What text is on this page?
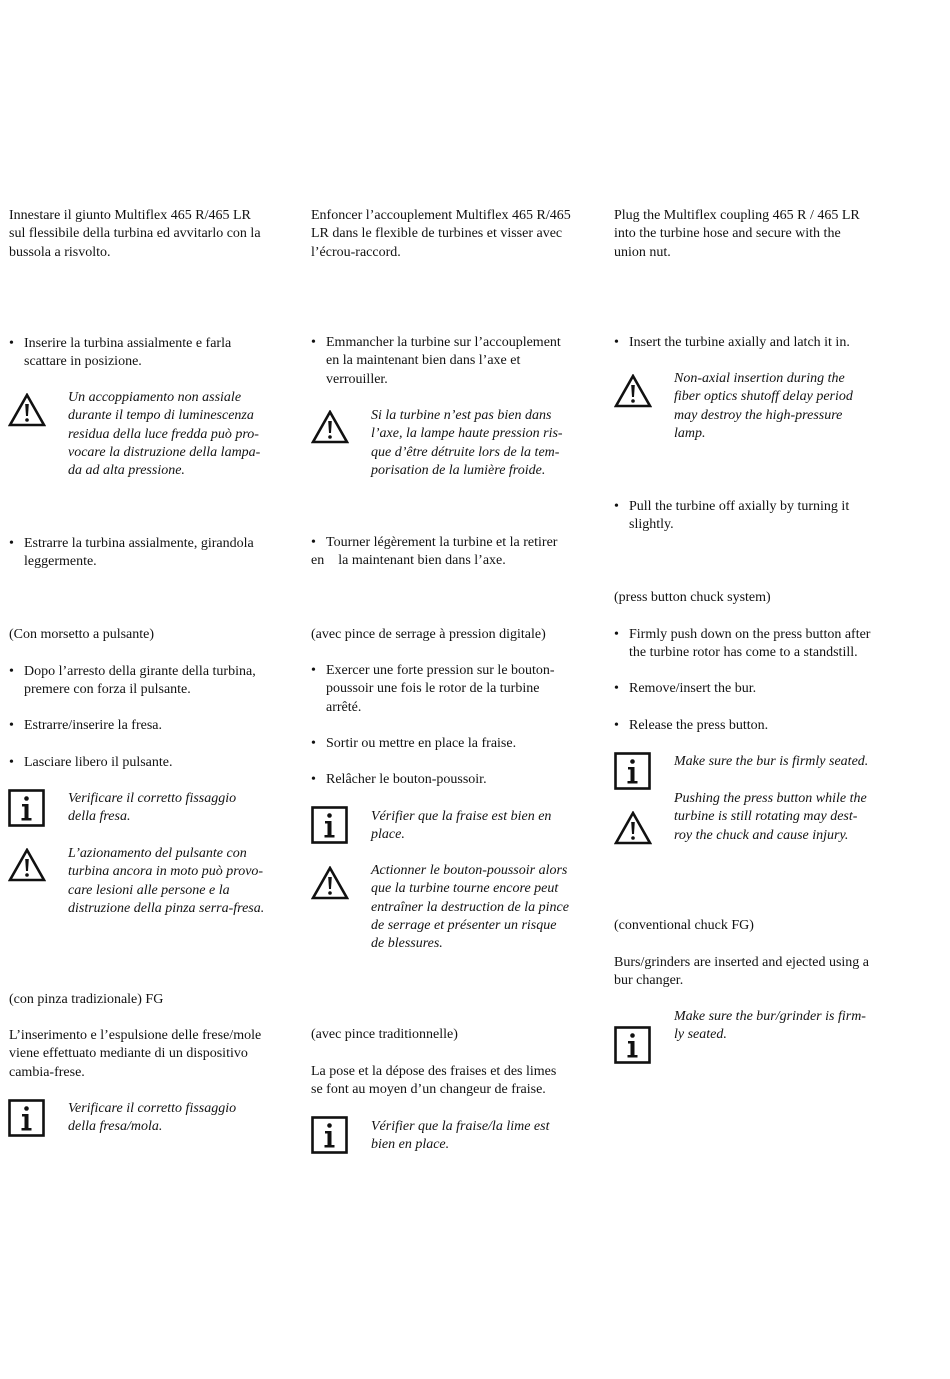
Innestare il giunto Multiflex 465 R/465 LR
sul flessibile della turbina ed avvitarlo con la
bussola a risvolto.
• Inserire la turbina assialmente e farla
scattare in posizione.
Un accoppiamento non assiale
durante il tempo di luminescenza
residua della luce fredda può pro-
vocare la distruzione della lampa-
da ad alta pressione.
• Estrarre la turbina assialmente, girandola
leggermente.
(Con morsetto a pulsante)
• Dopo l’arresto della girante della turbina,
premere con forza il pulsante.
• Estrarre/inserire la fresa.
• Lasciare libero il pulsante.
Verificare il corretto fissaggio
della fresa.
L’azionamento del pulsante con
turbina ancora in moto può provo-
care lesioni alle persone e la
distruzione della pinza serra-fresa.
(con pinza tradizionale) FG
L’inserimento e l’espulsione delle frese/mole
viene effettuato mediante di un dispositivo
cambia-frese.
Verificare il corretto fissaggio
della fresa/mola.
Enfoncer l’accouplement Multiflex 465 R/465
LR dans le flexible de turbines et visser avec
l’écrou-raccord.
• Emmancher la turbine sur l’accouplement
en la maintenant bien dans l’axe et
verrouiller.
Si la turbine n’est pas bien dans
l’axe, la lampe haute pression ris-
que d’être détruite lors de la tem-
porisation de la lumière froide.
• Tourner légèrement la turbine et la retirer
en    la maintenant bien dans l’axe.
(avec pince de serrage à pression digitale)
• Exercer une forte pression sur le bouton-
poussoir une fois le rotor de la turbine
arrêté.
• Sortir ou mettre en place la fraise.
• Relâcher le bouton-poussoir.
Vérifier que la fraise est bien en
place.
Actionner le bouton-poussoir alors
que la turbine tourne encore peut
entraîner la destruction de la pince
de serrage et présenter un risque
de blessures.
(avec pince traditionnelle)
La pose et la dépose des fraises et des limes
se font au moyen d’un changeur de fraise.
Vérifier que la fraise/la lime est
bien en place.
Plug the Multiflex coupling 465 R / 465 LR
into the turbine hose and secure with the
union nut.
• Insert the turbine axially and latch it in.
Non-axial insertion during the
fiber optics shutoff delay period
may destroy the high-pressure
lamp.
• Pull the turbine off axially by turning it
slightly.
(press button chuck system)
• Firmly push down on the press button after
the turbine rotor has come to a standstill.
• Remove/insert the bur.
• Release the press button.
Make sure the bur is firmly seated.
Pushing the press button while the
turbine is still rotating may dest-
roy the chuck and cause injury.
(conventional chuck FG)
Burs/grinders are inserted and ejected using a
bur changer.
Make sure the bur/grinder is firm-
ly seated.
